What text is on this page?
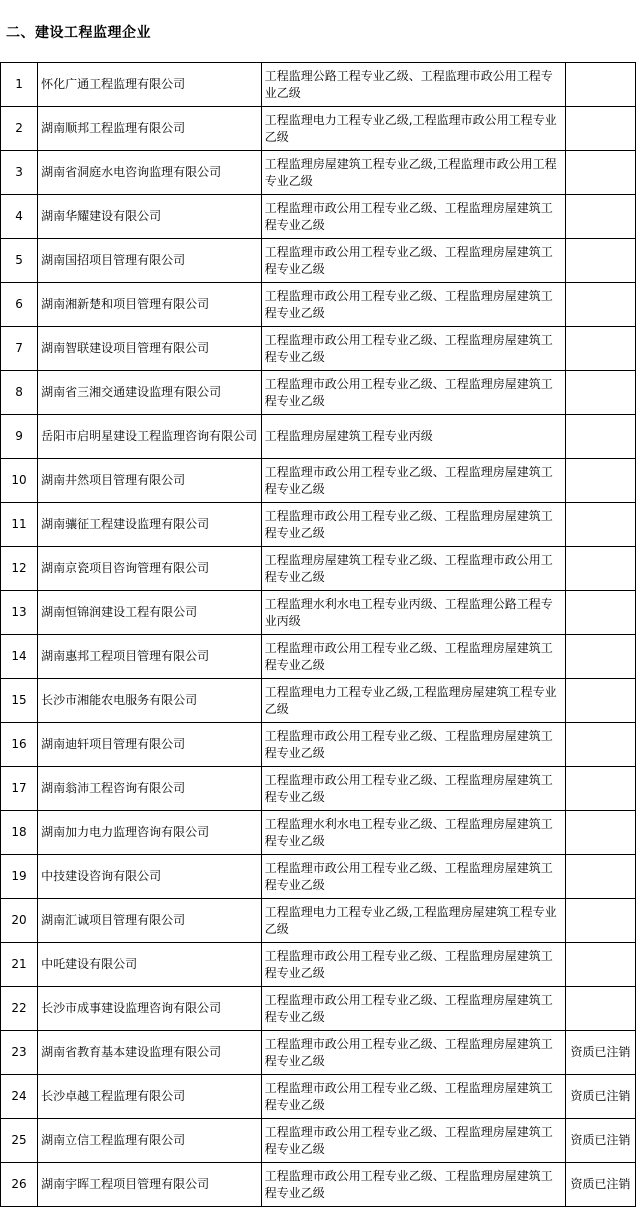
二、建设工程监理企业
1	怀化广通工程监理有限公司	工程监理公路工程专业乙级、工程监理市政公用工程专业乙级	
2	湖南顺邦工程监理有限公司	工程监理电力工程专业乙级,工程监理市政公用工程专业乙级	
3	湖南省洞庭水电咨询监理有限公司	工程监理房屋建筑工程专业乙级,工程监理市政公用工程专业乙级	
4	湖南华耀建设有限公司	工程监理市政公用工程专业乙级、工程监理房屋建筑工程专业乙级	
5	湖南国招项目管理有限公司	工程监理市政公用工程专业乙级、工程监理房屋建筑工程专业乙级	
6	湖南湘新楚和项目管理有限公司	工程监理市政公用工程专业乙级、工程监理房屋建筑工程专业乙级	
7	湖南智联建设项目管理有限公司	工程监理市政公用工程专业乙级、工程监理房屋建筑工程专业乙级	
8	湖南省三湘交通建设监理有限公司	工程监理市政公用工程专业乙级、工程监理房屋建筑工程专业乙级	
9	岳阳市启明星建设工程监理咨询有限公司	工程监理房屋建筑工程专业丙级	
10	湖南井然项目管理有限公司	工程监理市政公用工程专业乙级、工程监理房屋建筑工程专业乙级	
11	湖南骧征工程建设监理有限公司	工程监理市政公用工程专业乙级、工程监理房屋建筑工程专业乙级	
12	湖南京瓷项目咨询管理有限公司	工程监理房屋建筑工程专业乙级、工程监理市政公用工程专业乙级	
13	湖南恒锦润建设工程有限公司	工程监理水利水电工程专业丙级、工程监理公路工程专业丙级	
14	湖南惠邦工程项目管理有限公司	工程监理市政公用工程专业乙级、工程监理房屋建筑工程专业乙级	
15	长沙市湘能农电服务有限公司	工程监理电力工程专业乙级,工程监理房屋建筑工程专业乙级	
16	湖南迪轩项目管理有限公司	工程监理市政公用工程专业乙级、工程监理房屋建筑工程专业乙级	
17	湖南翁沛工程咨询有限公司	工程监理市政公用工程专业乙级、工程监理房屋建筑工程专业乙级	
18	湖南加力电力监理咨询有限公司	工程监理水利水电工程专业乙级、工程监理房屋建筑工程专业乙级	
19	中技建设咨询有限公司	工程监理市政公用工程专业乙级、工程监理房屋建筑工程专业乙级	
20	湖南汇诚项目管理有限公司	工程监理电力工程专业乙级,工程监理房屋建筑工程专业乙级	
21	中吒建设有限公司	工程监理市政公用工程专业乙级、工程监理房屋建筑工程专业乙级	
22	长沙市成事建设监理咨询有限公司	工程监理市政公用工程专业乙级、工程监理房屋建筑工程专业乙级	
23	湖南省教育基本建设监理有限公司	工程监理市政公用工程专业乙级、工程监理房屋建筑工程专业乙级	资质已注销
24	长沙卓越工程监理有限公司	工程监理市政公用工程专业乙级、工程监理房屋建筑工程专业乙级	资质已注销
25	湖南立信工程监理有限公司	工程监理市政公用工程专业乙级、工程监理房屋建筑工程专业乙级	资质已注销
26	湖南宇晖工程项目管理有限公司	工程监理市政公用工程专业乙级、工程监理房屋建筑工程专业乙级	资质已注销
